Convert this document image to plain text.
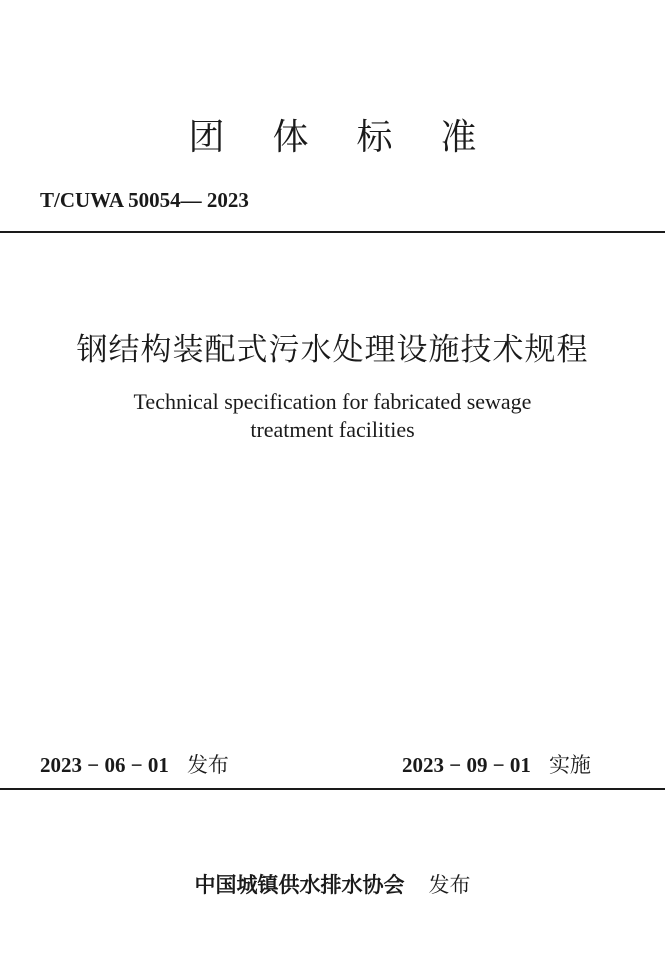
团体标准
T/CUWA 50054— 2023
钢结构装配式污水处理设施技术规程
Technical specification for fabricated sewage
treatment facilities
2023 − 06 − 01 发布	2023 − 09 − 01 实施
中国城镇供水排水协会 发布
